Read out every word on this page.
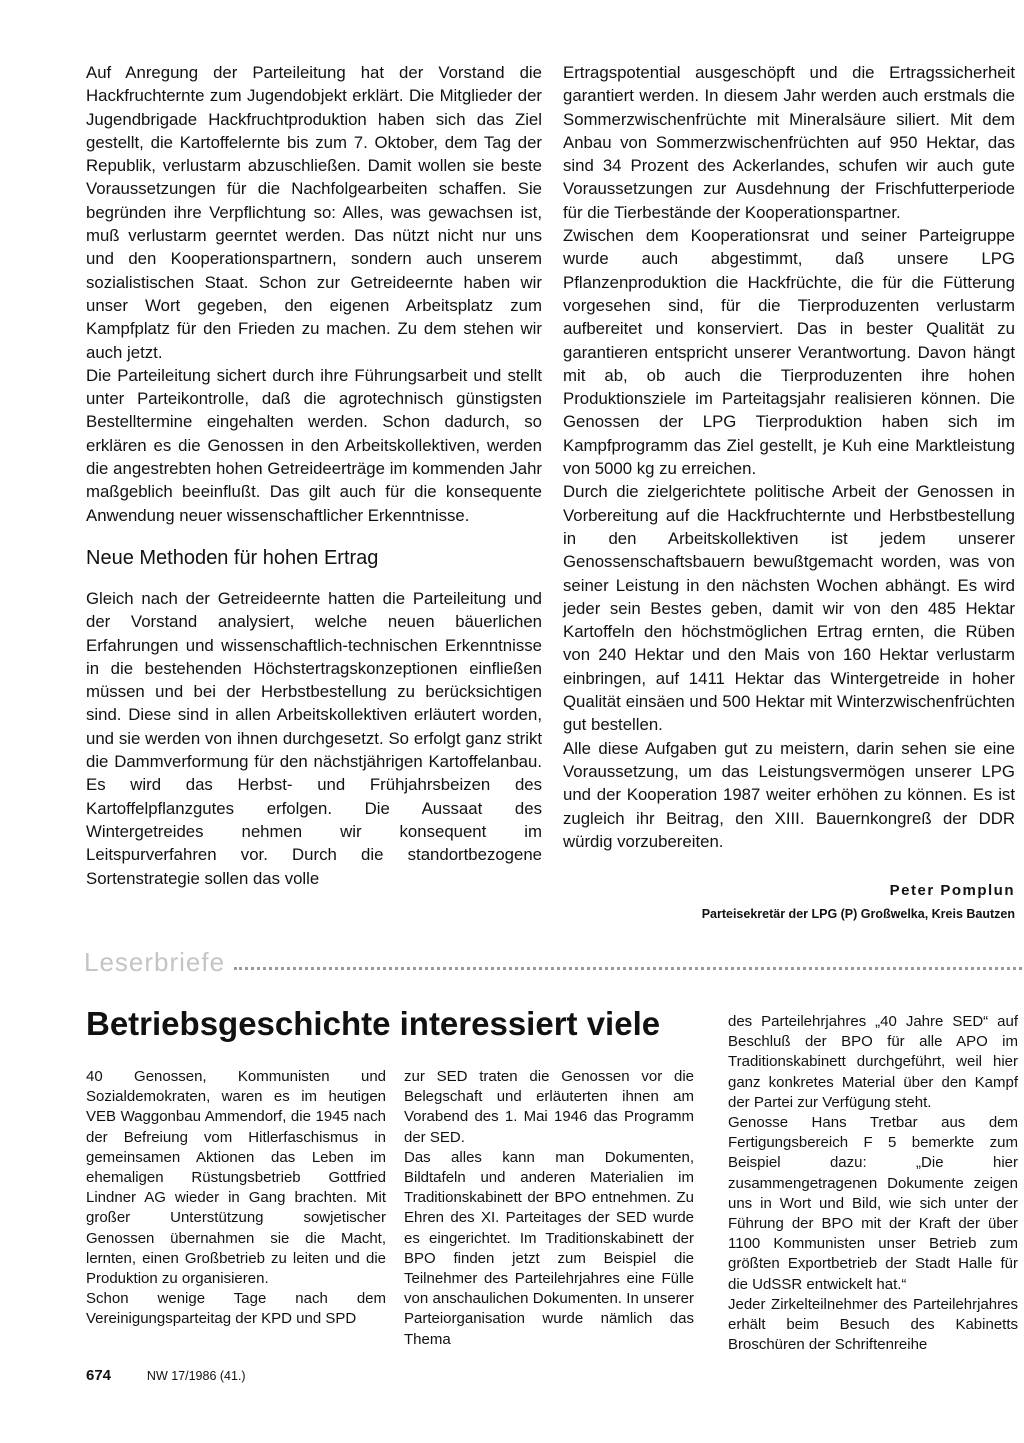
Auf Anregung der Parteileitung hat der Vorstand die Hackfruchternte zum Jugendobjekt erklärt. Die Mitglieder der Jugendbrigade Hackfruchtproduktion haben sich das Ziel gestellt, die Kartoffelernte bis zum 7. Oktober, dem Tag der Republik, verlustarm abzuschließen. Damit wollen sie beste Voraussetzungen für die Nachfolgearbeiten schaffen. Sie begründen ihre Verpflichtung so: Alles, was gewachsen ist, muß verlustarm geerntet werden. Das nützt nicht nur uns und den Kooperationspartnern, sondern auch unserem sozialistischen Staat. Schon zur Getreideernte haben wir unser Wort gegeben, den eigenen Arbeitsplatz zum Kampfplatz für den Frieden zu machen. Zu dem stehen wir auch jetzt.

Die Parteileitung sichert durch ihre Führungsarbeit und stellt unter Parteikontrolle, daß die agrotechnisch günstigsten Bestelltermine eingehalten werden. Schon dadurch, so erklären es die Genossen in den Arbeitskollektiven, werden die angestrebten hohen Getreideerträge im kommenden Jahr maßgeblich beeinflußt. Das gilt auch für die konsequente Anwendung neuer wissenschaftlicher Erkenntnisse.

Neue Methoden für hohen Ertrag

Gleich nach der Getreideernte hatten die Parteileitung und der Vorstand analysiert, welche neuen bäuerlichen Erfahrungen und wissenschaftlich-technischen Erkenntnisse in die bestehenden Höchstertragskonzeptionen einfließen müssen und bei der Herbstbestellung zu berücksichtigen sind. Diese sind in allen Arbeitskollektiven erläutert worden, und sie werden von ihnen durchgesetzt. So erfolgt ganz strikt die Dammverformung für den nächstjährigen Kartoffelanbau. Es wird das Herbst- und Frühjahrsbeizen des Kartoffelpflanzgutes erfolgen. Die Aussaat des Wintergetreides nehmen wir konsequent im Leitspurverfahren vor. Durch die standortbezogene Sortenstrategie sollen das volle

Ertragspotential ausgeschöpft und die Ertragssicherheit garantiert werden. In diesem Jahr werden auch erstmals die Sommerzwischenfrüchte mit Mineralsäure siliert. Mit dem Anbau von Sommerzwischenfrüchten auf 950 Hektar, das sind 34 Prozent des Ackerlandes, schufen wir auch gute Voraussetzungen zur Ausdehnung der Frischfutterperiode für die Tierbestände der Kooperationspartner.

Zwischen dem Kooperationsrat und seiner Parteigruppe wurde auch abgestimmt, daß unsere LPG Pflanzenproduktion die Hackfrüchte, die für die Fütterung vorgesehen sind, für die Tierproduzenten verlustarm aufbereitet und konserviert. Das in bester Qualität zu garantieren entspricht unserer Verantwortung. Davon hängt mit ab, ob auch die Tierproduzenten ihre hohen Produktionsziele im Parteitagsjahr realisieren können. Die Genossen der LPG Tierproduktion haben sich im Kampfprogramm das Ziel gestellt, je Kuh eine Marktleistung von 5000 kg zu erreichen.

Durch die zielgerichtete politische Arbeit der Genossen in Vorbereitung auf die Hackfruchternte und Herbstbestellung in den Arbeitskollektiven ist jedem unserer Genossenschaftsbauern bewußtgemacht worden, was von seiner Leistung in den nächsten Wochen abhängt. Es wird jeder sein Bestes geben, damit wir von den 485 Hektar Kartoffeln den höchstmöglichen Ertrag ernten, die Rüben von 240 Hektar und den Mais von 160 Hektar verlustarm einbringen, auf 1411 Hektar das Wintergetreide in hoher Qualität einsäen und 500 Hektar mit Winterzwischenfrüchten gut bestellen.

Alle diese Aufgaben gut zu meistern, darin sehen sie eine Voraussetzung, um das Leistungsvermögen unserer LPG und der Kooperation 1987 weiter erhöhen zu können. Es ist zugleich ihr Beitrag, den XIII. Bauernkongreß der DDR würdig vorzubereiten.

Peter Pomplun
Parteisekretär der LPG (P) Großwelka, Kreis Bautzen
Leserbriefe
Betriebsgeschichte interessiert viele

40 Genossen, Kommunisten und Sozialdemokraten, waren es im heutigen VEB Waggonbau Ammendorf, die 1945 nach der Befreiung vom Hitlerfaschismus in gemeinsamen Aktionen das Leben im ehemaligen Rüstungsbetrieb Gottfried Lindner AG wieder in Gang brachten. Mit großer Unterstützung sowjetischer Genossen übernahmen sie die Macht, lernten, einen Großbetrieb zu leiten und die Produktion zu organisieren.

Schon wenige Tage nach dem Vereinigungsparteitag der KPD und SPD

zur SED traten die Genossen vor die Belegschaft und erläuterten ihnen am Vorabend des 1. Mai 1946 das Programm der SED.

Das alles kann man Dokumenten, Bildtafeln und anderen Materialien im Traditionskabinett der BPO entnehmen. Zu Ehren des XI. Parteitages der SED wurde es eingerichtet. Im Traditionskabinett der BPO finden jetzt zum Beispiel die Teilnehmer des Parteilehrjahres eine Fülle von anschaulichen Dokumenten. In unserer Parteiorganisation wurde nämlich das Thema

des Parteilehrjahres „40 Jahre SED“ auf Beschluß der BPO für alle APO im Traditionskabinett durchgeführt, weil hier ganz konkretes Material über den Kampf der Partei zur Verfügung steht.

Genosse Hans Tretbar aus dem Fertigungsbereich F 5 bemerkte zum Beispiel dazu: „Die hier zusammengetragenen Dokumente zeigen uns in Wort und Bild, wie sich unter der Führung der BPO mit der Kraft der über 1100 Kommunisten unser Betrieb zum größten Exportbetrieb der Stadt Halle für die UdSSR entwickelt hat.“

Jeder Zirkelteilnehmer des Parteilehrjahres erhält beim Besuch des Kabinetts Broschüren der Schriftenreihe

674	NW 17/1986 (41.)
